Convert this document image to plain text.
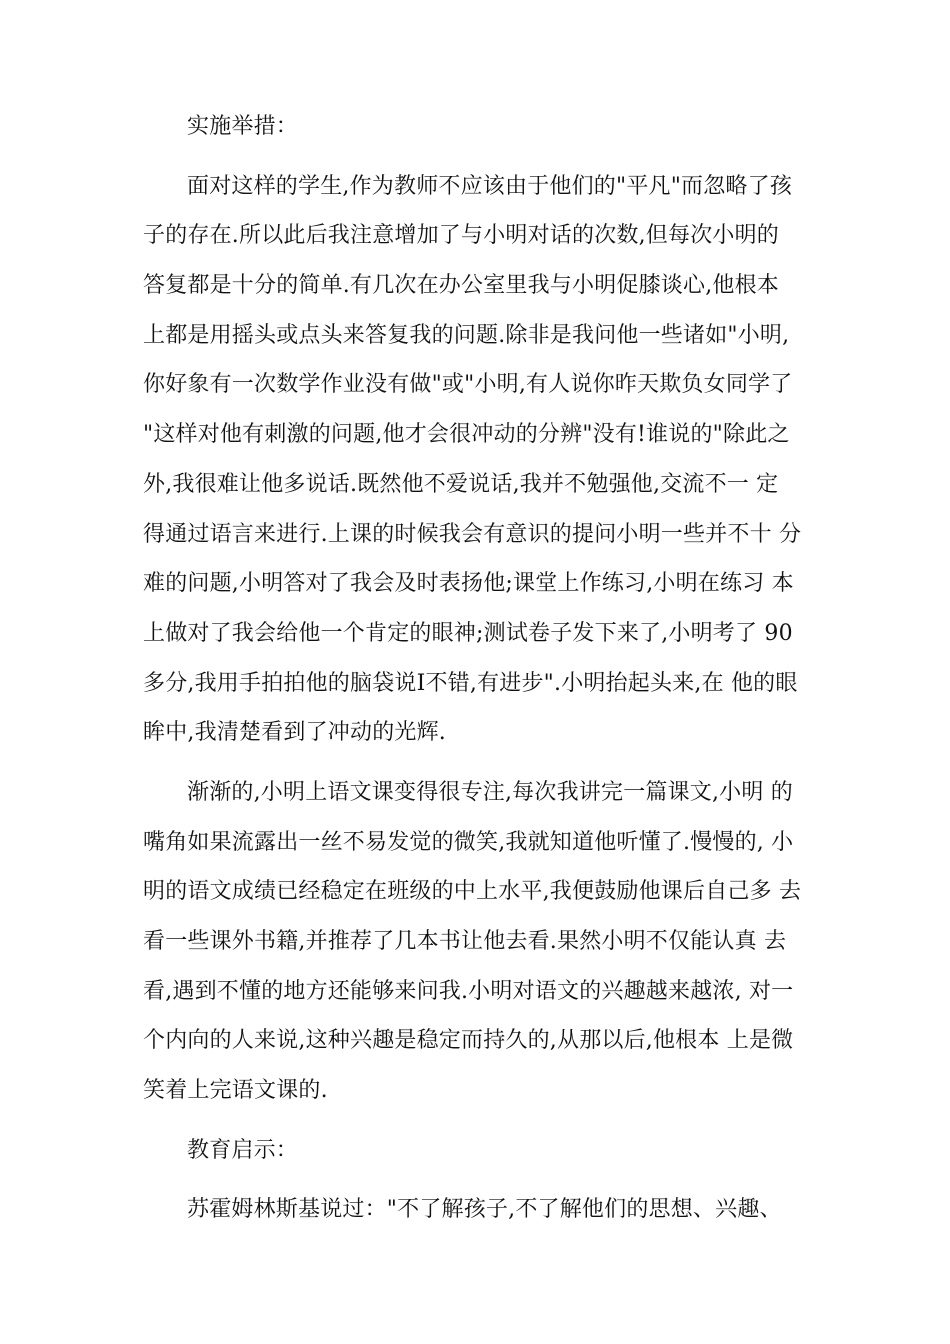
实施举措：
面对这样的学生,作为教师不应该由于他们的"平凡"而忽略了孩
子的存在.所以此后我注意增加了与小明对话的次数,但每次小明的
答复都是十分的简单.有几次在办公室里我与小明促膝谈心,他根本
上都是用摇头或点头来答复我的问题.除非是我问他一些诸如"小明,
你好象有一次数学作业没有做"或"小明,有人说你昨天欺负女同学了
"这样对他有刺激的问题,他才会很冲动的分辨"没有!谁说的"除此之
外,我很难让他多说话.既然他不爱说话,我并不勉强他,交流不一 定
得通过语言来进行.上课的时候我会有意识的提问小明一些并不十 分
难的问题,小明答对了我会及时表扬他;课堂上作练习,小明在练习 本
上做对了我会给他一个肯定的眼神;测试卷子发下来了,小明考了 90
多分,我用手拍拍他的脑袋说I不错,有进步".小明抬起头来,在 他的眼
眸中,我清楚看到了冲动的光辉.
渐渐的,小明上语文课变得很专注,每次我讲完一篇课文,小明 的
嘴角如果流露出一丝不易发觉的微笑,我就知道他听懂了.慢慢的, 小
明的语文成绩已经稳定在班级的中上水平,我便鼓励他课后自己多 去
看一些课外书籍,并推荐了几本书让他去看.果然小明不仅能认真 去
看,遇到不懂的地方还能够来问我.小明对语文的兴趣越来越浓, 对一
个内向的人来说,这种兴趣是稳定而持久的,从那以后,他根本 上是微
笑着上完语文课的.
教育启示：
苏霍姆林斯基说过："不了解孩子,不了解他们的思想、兴趣、
